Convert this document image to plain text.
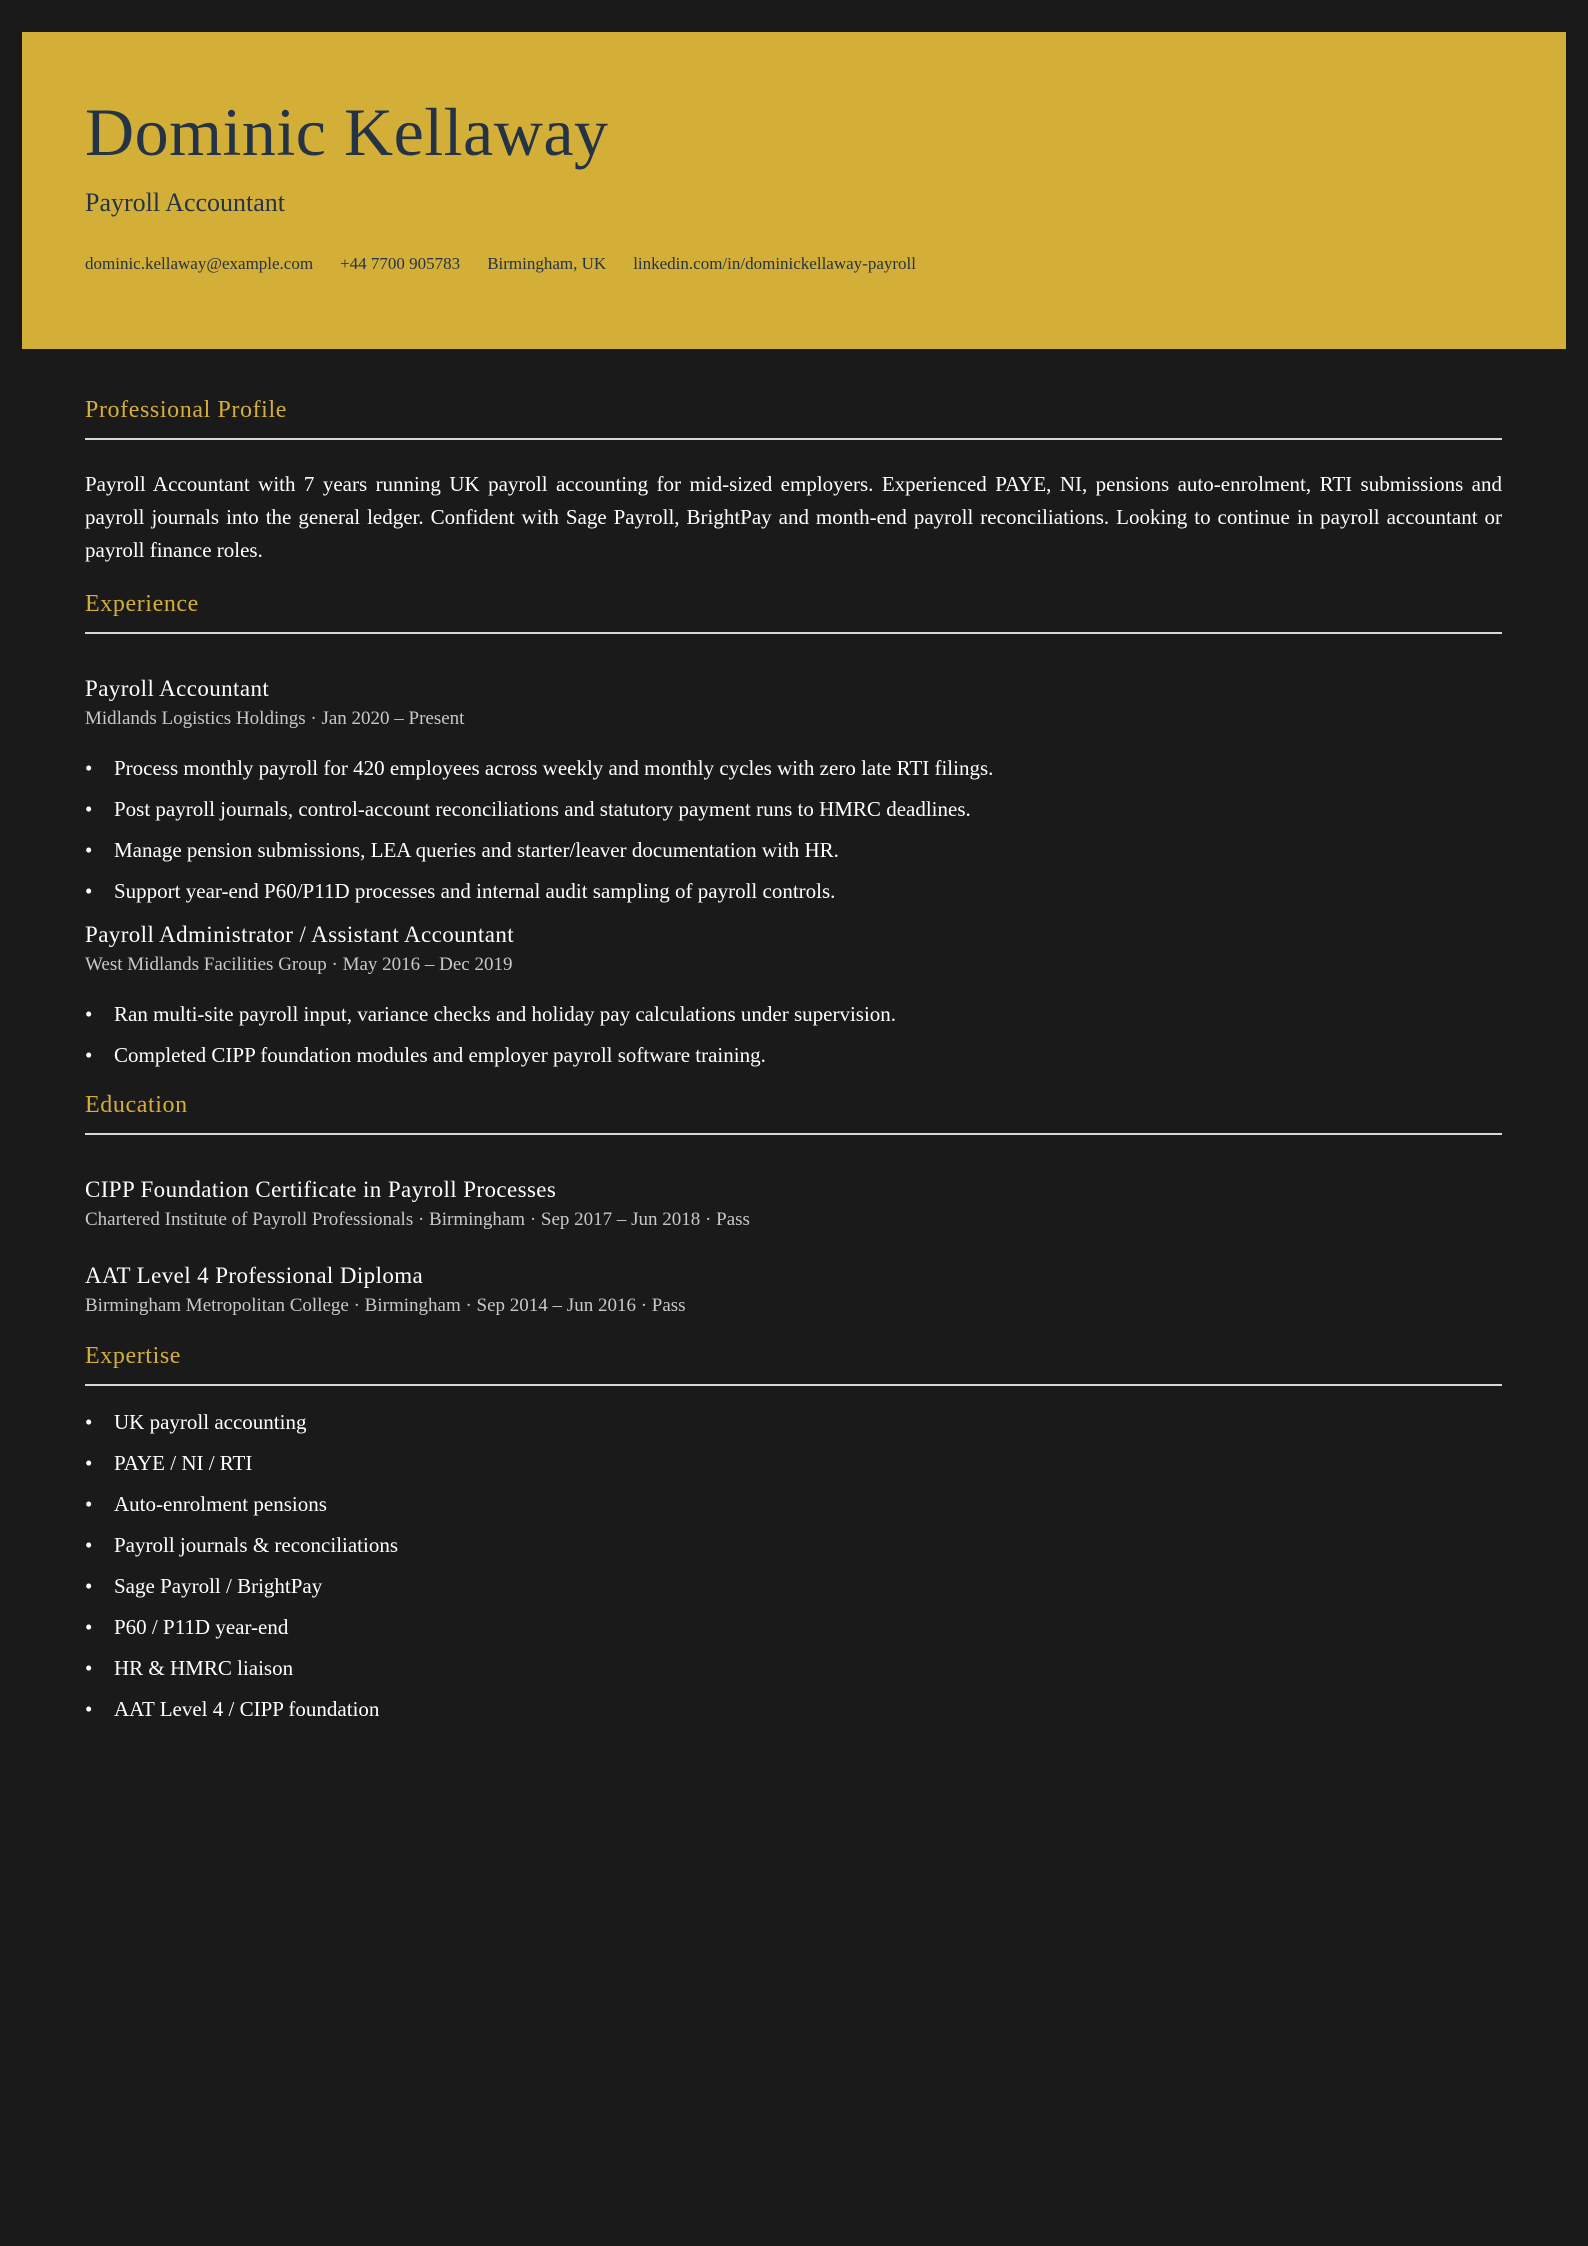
Dominic Kellaway
Payroll Accountant
dominic.kellaway@example.com +44 7700 905783 Birmingham, UK linkedin.com/in/dominickellaway-payroll
Professional Profile

Payroll Accountant with 7 years running UK payroll accounting for mid-sized employers. Experienced PAYE, NI, pensions auto-enrolment, RTI submissions and payroll journals into the general ledger. Confident with Sage Payroll, BrightPay and month-end payroll reconciliations. Looking to continue in payroll accountant or payroll finance roles.

Experience
Payroll Accountant
Midlands Logistics Holdings · Jan 2020 – Present
• Process monthly payroll for 420 employees across weekly and monthly cycles with zero late RTI filings.
• Post payroll journals, control-account reconciliations and statutory payment runs to HMRC deadlines.
• Manage pension submissions, LEA queries and starter/leaver documentation with HR.
• Support year-end P60/P11D processes and internal audit sampling of payroll controls.
Payroll Administrator / Assistant Accountant
West Midlands Facilities Group · May 2016 – Dec 2019
• Ran multi-site payroll input, variance checks and holiday pay calculations under supervision.
• Completed CIPP foundation modules and employer payroll software training.
Education
CIPP Foundation Certificate in Payroll Processes
Chartered Institute of Payroll Professionals · Birmingham · Sep 2017 – Jun 2018 · Pass
AAT Level 4 Professional Diploma
Birmingham Metropolitan College · Birmingham · Sep 2014 – Jun 2016 · Pass
Expertise
• UK payroll accounting
• PAYE / NI / RTI
• Auto-enrolment pensions
• Payroll journals & reconciliations
• Sage Payroll / BrightPay
• P60 / P11D year-end
• HR & HMRC liaison
• AAT Level 4 / CIPP foundation
